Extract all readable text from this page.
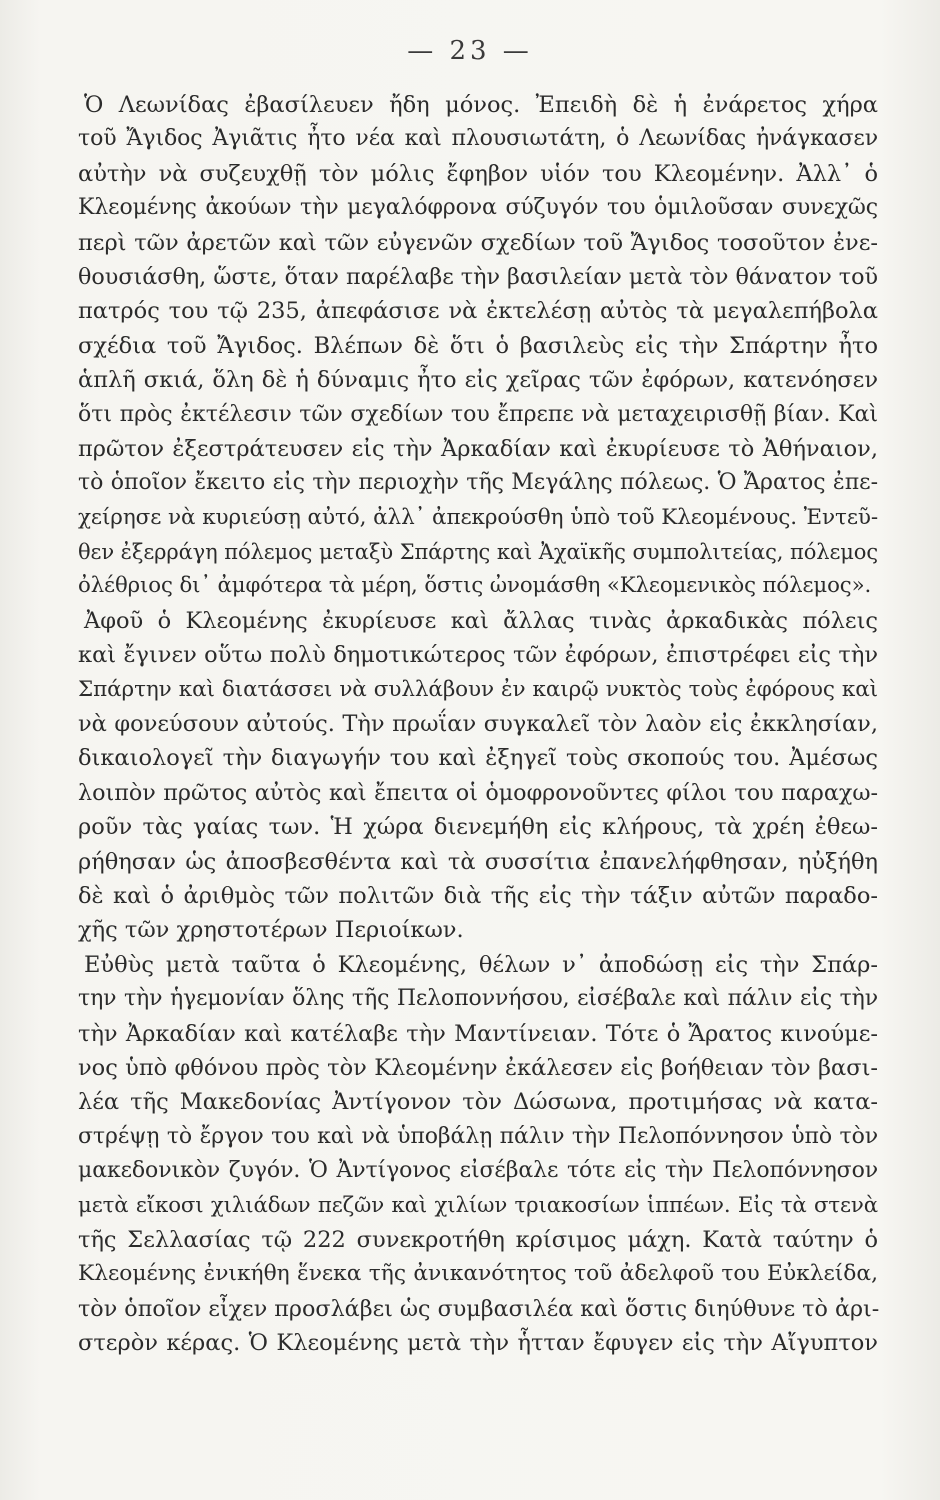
— 23 —
Ὁ Λεωνίδας ἐβασίλευεν ἤδη μόνος. Ἐπειδὴ δὲ ἡ ἐνάρετος χήρα
τοῦ Ἄγιδος Ἀγιᾶτις ἦτο νέα καὶ πλουσιωτάτη, ὁ Λεωνίδας ἠνάγκασεν
αὐτὴν νὰ συζευχθῇ τὸν μόλις ἔφηβον υἱόν του Κλεομένην. Ἀλλ᾽ ὁ
Κλεομένης ἀκούων τὴν μεγαλόφρονα σύζυγόν του ὁμιλοῦσαν συνεχῶς
περὶ τῶν ἀρετῶν καὶ τῶν εὐγενῶν σχεδίων τοῦ Ἄγιδος τοσοῦτον ἐνε-
θουσιάσθη, ὥστε, ὅταν παρέλαβε τὴν βασιλείαν μετὰ τὸν θάνατον τοῦ
πατρός του τῷ 235, ἀπεφάσισε νὰ ἐκτελέσῃ αὐτὸς τὰ μεγαλεπήβολα
σχέδια τοῦ Ἄγιδος. Βλέπων δὲ ὅτι ὁ βασιλεὺς εἰς τὴν Σπάρτην ἦτο
ἁπλῆ σκιά, ὅλη δὲ ἡ δύναμις ἦτο εἰς χεῖρας τῶν ἐφόρων, κατενόησεν
ὅτι πρὸς ἐκτέλεσιν τῶν σχεδίων του ἔπρεπε νὰ μεταχειρισθῇ βίαν. Καὶ
πρῶτον ἐξεστράτευσεν εἰς τὴν Ἀρκαδίαν καὶ ἐκυρίευσε τὸ Ἀθήναιον,
τὸ ὁποῖον ἔκειτο εἰς τὴν περιοχὴν τῆς Μεγάλης πόλεως. Ὁ Ἄρατος ἐπε-
χείρησε νὰ κυριεύσῃ αὐτό, ἀλλ᾽ ἀπεκρούσθη ὑπὸ τοῦ Κλεομένους. Ἐντεῦ-
θεν ἐξερράγη πόλεμος μεταξὺ Σπάρτης καὶ Ἀχαϊκῆς συμπολιτείας, πόλεμος
ὀλέθριος δι᾽ ἀμφότερα τὰ μέρη, ὅστις ὠνομάσθη «Κλεομενικὸς πόλεμος».
Ἀφοῦ ὁ Κλεομένης ἐκυρίευσε καὶ ἄλλας τινὰς ἀρκαδικὰς πόλεις
καὶ ἔγινεν οὕτω πολὺ δημοτικώτερος τῶν ἐφόρων, ἐπιστρέφει εἰς τὴν
Σπάρτην καὶ διατάσσει νὰ συλλάβουν ἐν καιρῷ νυκτὸς τοὺς ἐφόρους καὶ
νὰ φονεύσουν αὐτούς. Τὴν πρωΐαν συγκαλεῖ τὸν λαὸν εἰς ἐκκλησίαν,
δικαιολογεῖ τὴν διαγωγήν του καὶ ἐξηγεῖ τοὺς σκοπούς του. Ἀμέσως
λοιπὸν πρῶτος αὐτὸς καὶ ἔπειτα οἱ ὁμοφρονοῦντες φίλοι του παραχω-
ροῦν τὰς γαίας των. Ἡ χώρα διενεμήθη εἰς κλήρους, τὰ χρέη ἐθεω-
ρήθησαν ὡς ἀποσβεσθέντα καὶ τὰ συσσίτια ἐπανελήφθησαν, ηὐξήθη
δὲ καὶ ὁ ἀριθμὸς τῶν πολιτῶν διὰ τῆς εἰς τὴν τάξιν αὐτῶν παραδο-
χῆς τῶν χρηστοτέρων Περιοίκων.
Εὐθὺς μετὰ ταῦτα ὁ Κλεομένης, θέλων ν᾽ ἀποδώσῃ εἰς τὴν Σπάρ-
την τὴν ἡγεμονίαν ὅλης τῆς Πελοποννήσου, εἰσέβαλε καὶ πάλιν εἰς τὴν
τὴν Ἀρκαδίαν καὶ κατέλαβε τὴν Μαντίνειαν. Τότε ὁ Ἄρατος κινούμε-
νος ὑπὸ φθόνου πρὸς τὸν Κλεομένην ἐκάλεσεν εἰς βοήθειαν τὸν βασι-
λέα τῆς Μακεδονίας Ἀντίγονον τὸν Δώσωνα, προτιμήσας νὰ κατα-
στρέψῃ τὸ ἔργον του καὶ νὰ ὑποβάλῃ πάλιν τὴν Πελοπόννησον ὑπὸ τὸν
μακεδονικὸν ζυγόν. Ὁ Ἀντίγονος εἰσέβαλε τότε εἰς τὴν Πελοπόννησον
μετὰ εἴκοσι χιλιάδων πεζῶν καὶ χιλίων τριακοσίων ἱππέων. Εἰς τὰ στενὰ
τῆς Σελλασίας τῷ 222 συνεκροτήθη κρίσιμος μάχη. Κατὰ ταύτην ὁ
Κλεομένης ἐνικήθη ἕνεκα τῆς ἀνικανότητος τοῦ ἀδελφοῦ του Εὐκλείδα,
τὸν ὁποῖον εἶχεν προσλάβει ὡς συμβασιλέα καὶ ὅστις διηύθυνε τὸ ἀρι-
στερὸν κέρας. Ὁ Κλεομένης μετὰ τὴν ἧτταν ἔφυγεν εἰς τὴν Αἴγυπτον
